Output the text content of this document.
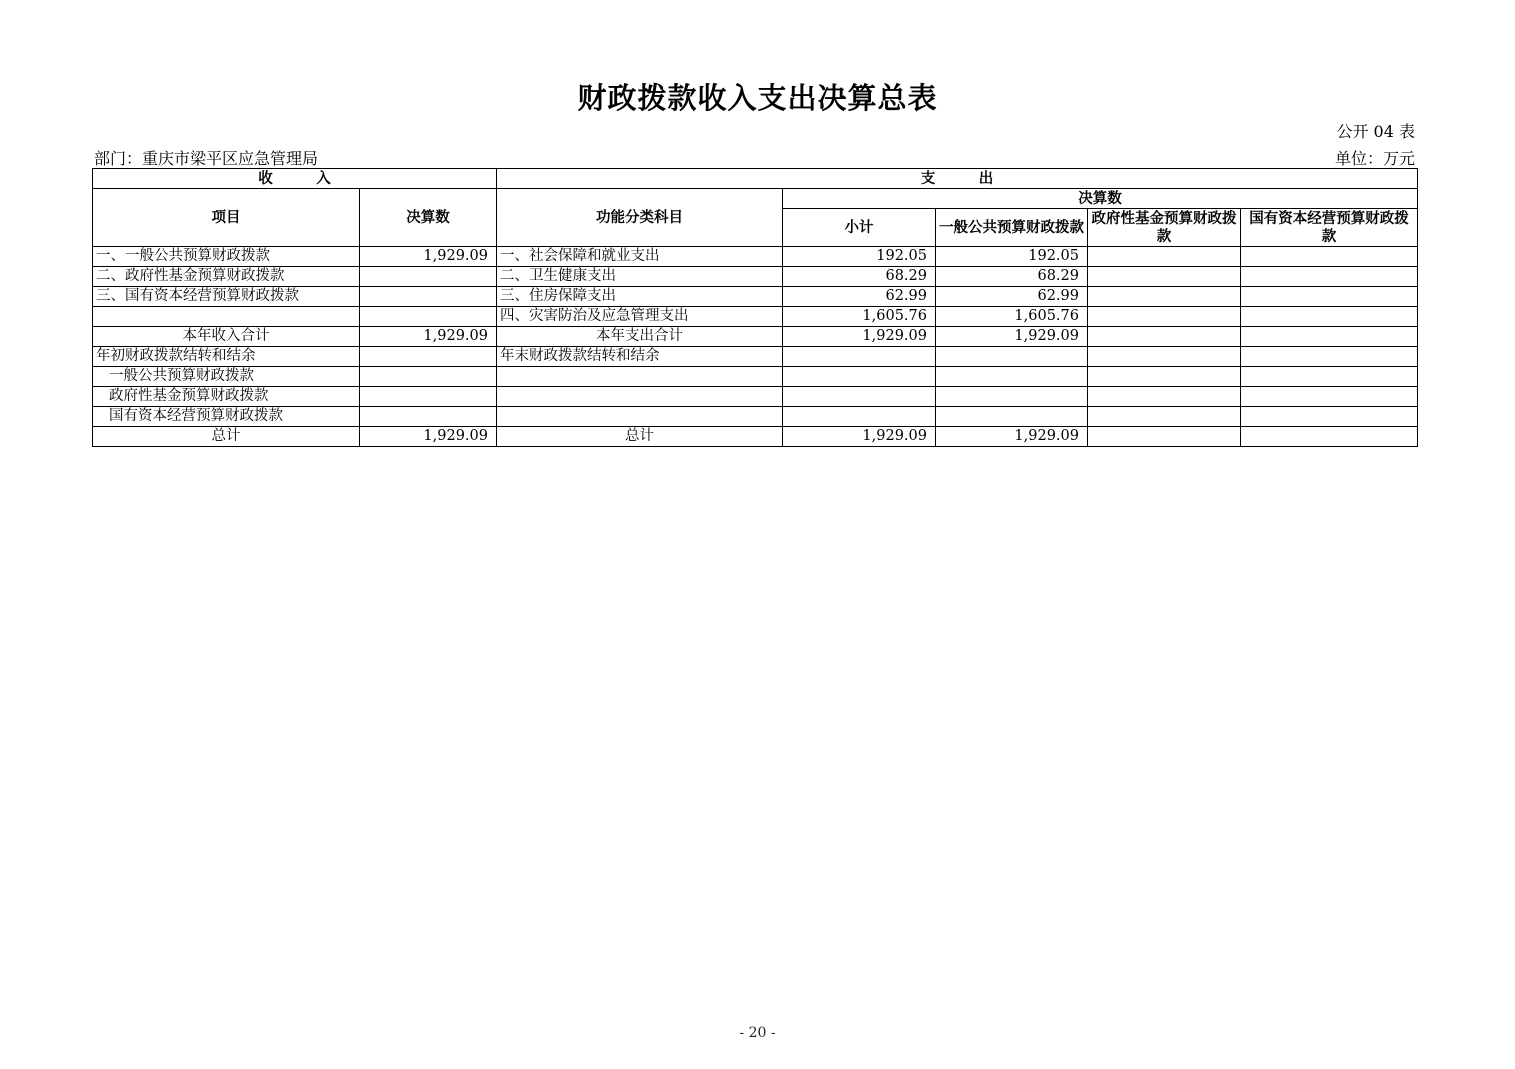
财政拨款收入支出决算总表
公开 04 表
部门：重庆市梁平区应急管理局	单位：万元
收　　　入		支　　　出				
项目	决算数	功能分类科目	决算数			
			小计	一般公共预算财政拨款	政府性基金预算财政拨款	国有资本经营预算财政拨款
一、一般公共预算财政拨款	1,929.09	一、社会保障和就业支出	192.05	192.05		
二、政府性基金预算财政拨款		二、卫生健康支出	68.29	68.29		
三、国有资本经营预算财政拨款		三、住房保障支出	62.99	62.99		
		四、灾害防治及应急管理支出	1,605.76	1,605.76		
本年收入合计	1,929.09	本年支出合计	1,929.09	1,929.09		
年初财政拨款结转和结余		年末财政拨款结转和结余				
一般公共预算财政拨款						
政府性基金预算财政拨款						
国有资本经营预算财政拨款						
总计	1,929.09	总计	1,929.09	1,929.09		
- 20 -
